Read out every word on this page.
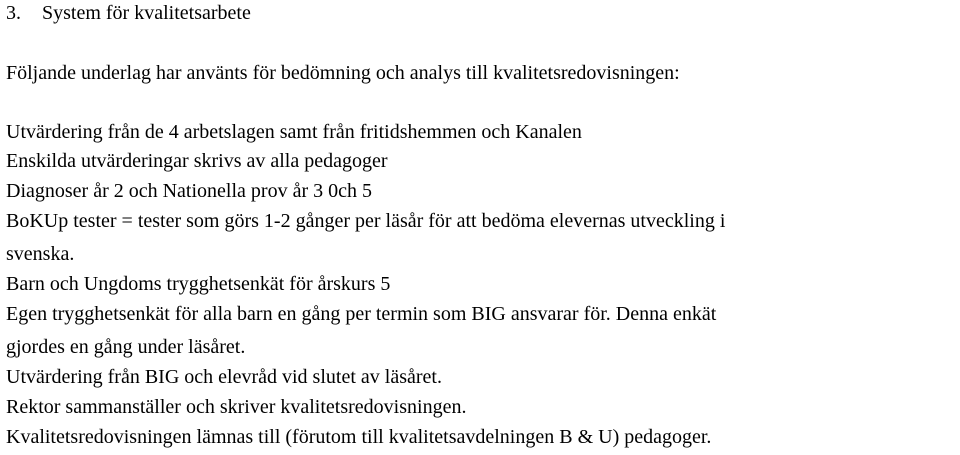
3. System för kvalitetsarbete

Följande underlag har använts för bedömning och analys till kvalitetsredovisningen:

Utvärdering från de 4 arbetslagen samt från fritidshemmen och Kanalen

Enskilda utvärderingar skrivs av alla pedagoger

Diagnoser år 2 och Nationella prov år 3 0ch 5

BoKUp tester = tester som görs 1-2 gånger per läsår för att bedöma elevernas utveckling i

svenska.

Barn och Ungdoms trygghetsenkät för årskurs 5

Egen trygghetsenkät för alla barn en gång per termin som BIG ansvarar för. Denna enkät

gjordes en gång under läsåret.

Utvärdering från BIG och elevråd vid slutet av läsåret.

Rektor sammanställer och skriver kvalitetsredovisningen.

Kvalitetsredovisningen lämnas till (förutom till kvalitetsavdelningen B & U) pedagoger.
